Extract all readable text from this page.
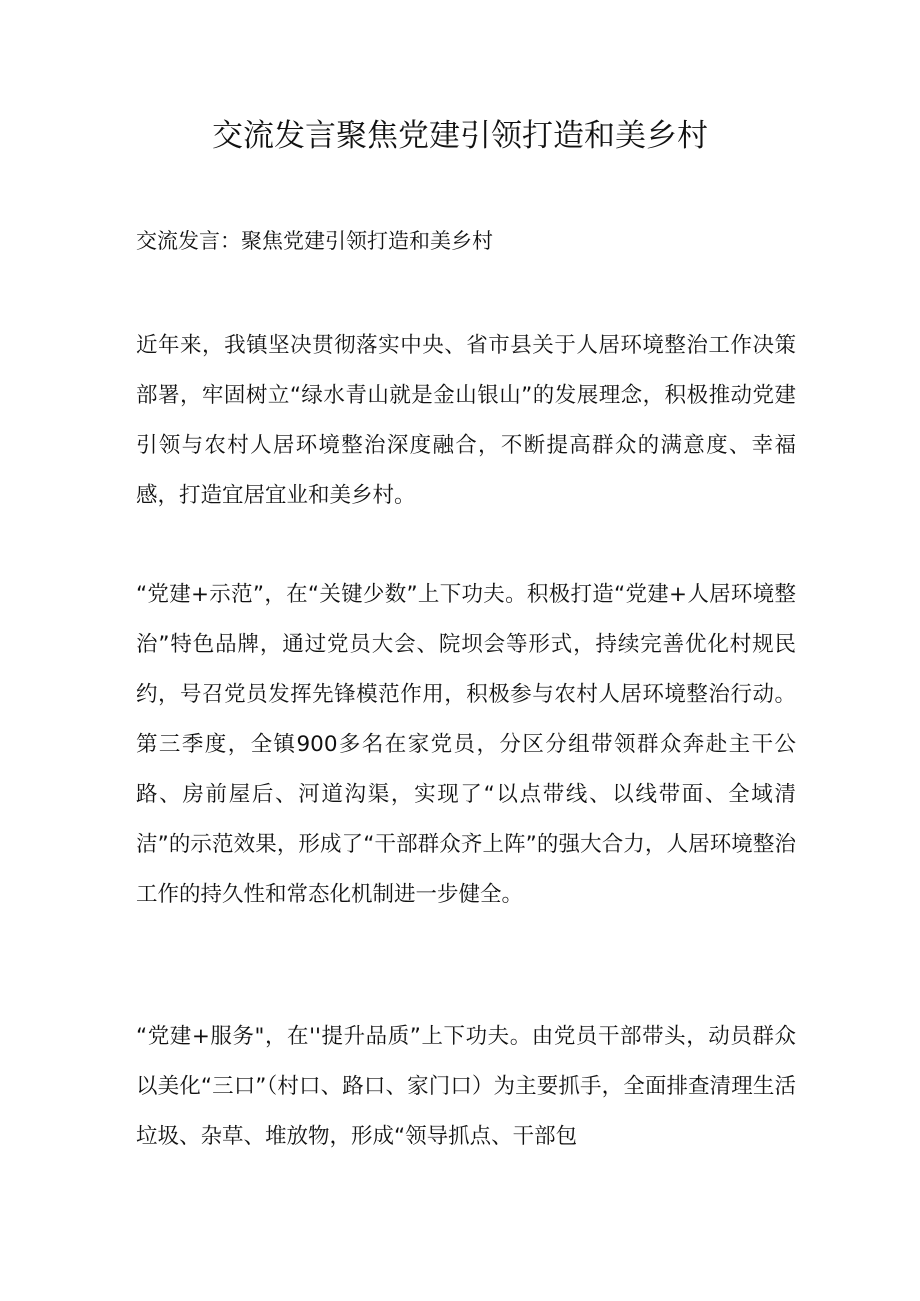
交流发言聚焦党建引领打造和美乡村

交流发言：聚焦党建引领打造和美乡村

近年来，我镇坚决贯彻落实中央、省市县关于人居环境整治工作决策部署，牢固树立“绿水青山就是金山银山”的发展理念，积极推动党建引领与农村人居环境整治深度融合，不断提高群众的满意度、幸福感，打造宜居宜业和美乡村。

“党建+示范”，在“关键少数”上下功夫。积极打造“党建+人居环境整治”特色品牌，通过党员大会、院坝会等形式，持续完善优化村规民约，号召党员发挥先锋模范作用，积极参与农村人居环境整治行动。第三季度，全镇900多名在家党员，分区分组带领群众奔赴主干公路、房前屋后、河道沟渠，实现了“以点带线、以线带面、全域清洁”的示范效果，形成了“干部群众齐上阵”的强大合力，人居环境整治工作的持久性和常态化机制进一步健全。

“党建+服务"，在''提升品质”上下功夫。由党员干部带头，动员群众以美化“三口”（村口、路口、家门口）为主要抓手，全面排查清理生活垃圾、杂草、堆放物，形成“领导抓点、干部包
